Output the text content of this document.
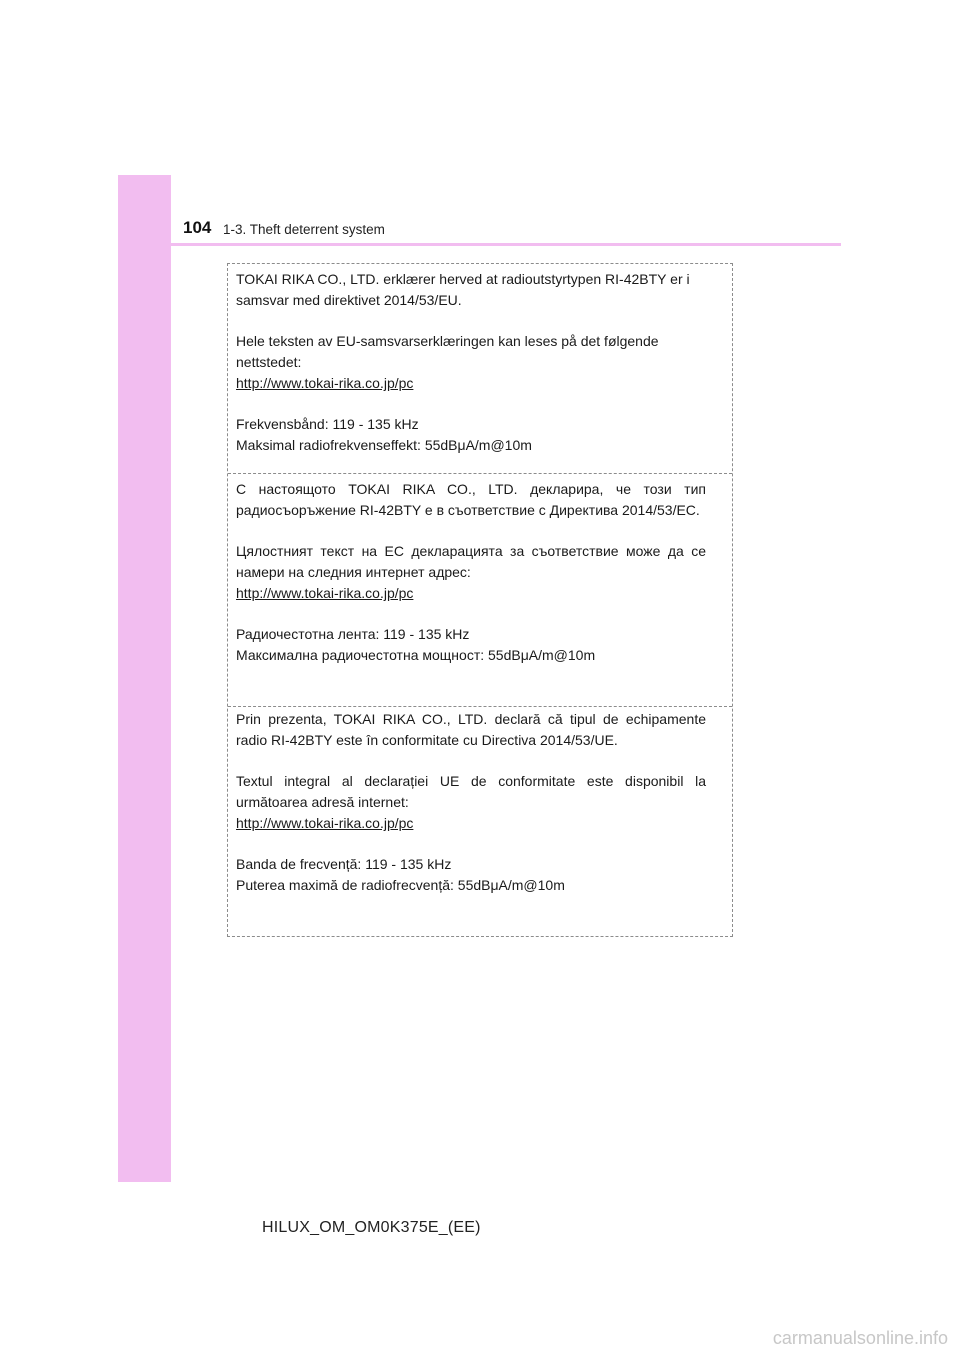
104 1-3. Theft deterrent system
TOKAI RIKA CO., LTD. erklærer herved at radioutstyrtypen RI-42BTY er i samsvar med direktivet 2014/53/EU.
Hele teksten av EU-samsvarserklæringen kan leses på det følgende nettstedet:
http://www.tokai-rika.co.jp/pc
Frekvensbånd: 119 - 135 kHz
Maksimal radiofrekvenseffekt: 55dBμA/m@10m
С настоящото TOKAI RIKA CO., LTD. декларира, че този тип радиосъоръжение RI-42BTY е в съответствие с Директива 2014/53/ЕС.
Цялостният текст на ЕС декларацията за съответствие може да се намери на следния интернет адрес:
http://www.tokai-rika.co.jp/pc
Радиочестотна лента: 119 - 135 kHz
Максимална радиочестотна мощност: 55dBμA/m@10m
Prin prezenta, TOKAI RIKA CO., LTD. declară că tipul de echipamente radio RI-42BTY este în conformitate cu Directiva 2014/53/UE.
Textul integral al declarației UE de conformitate este disponibil la următoarea adresă internet:
http://www.tokai-rika.co.jp/pc
Banda de frecvență: 119 - 135 kHz
Puterea maximă de radiofrecvență: 55dBμA/m@10m
HILUX_OM_OM0K375E_(EE)
carmanualsonline.info
